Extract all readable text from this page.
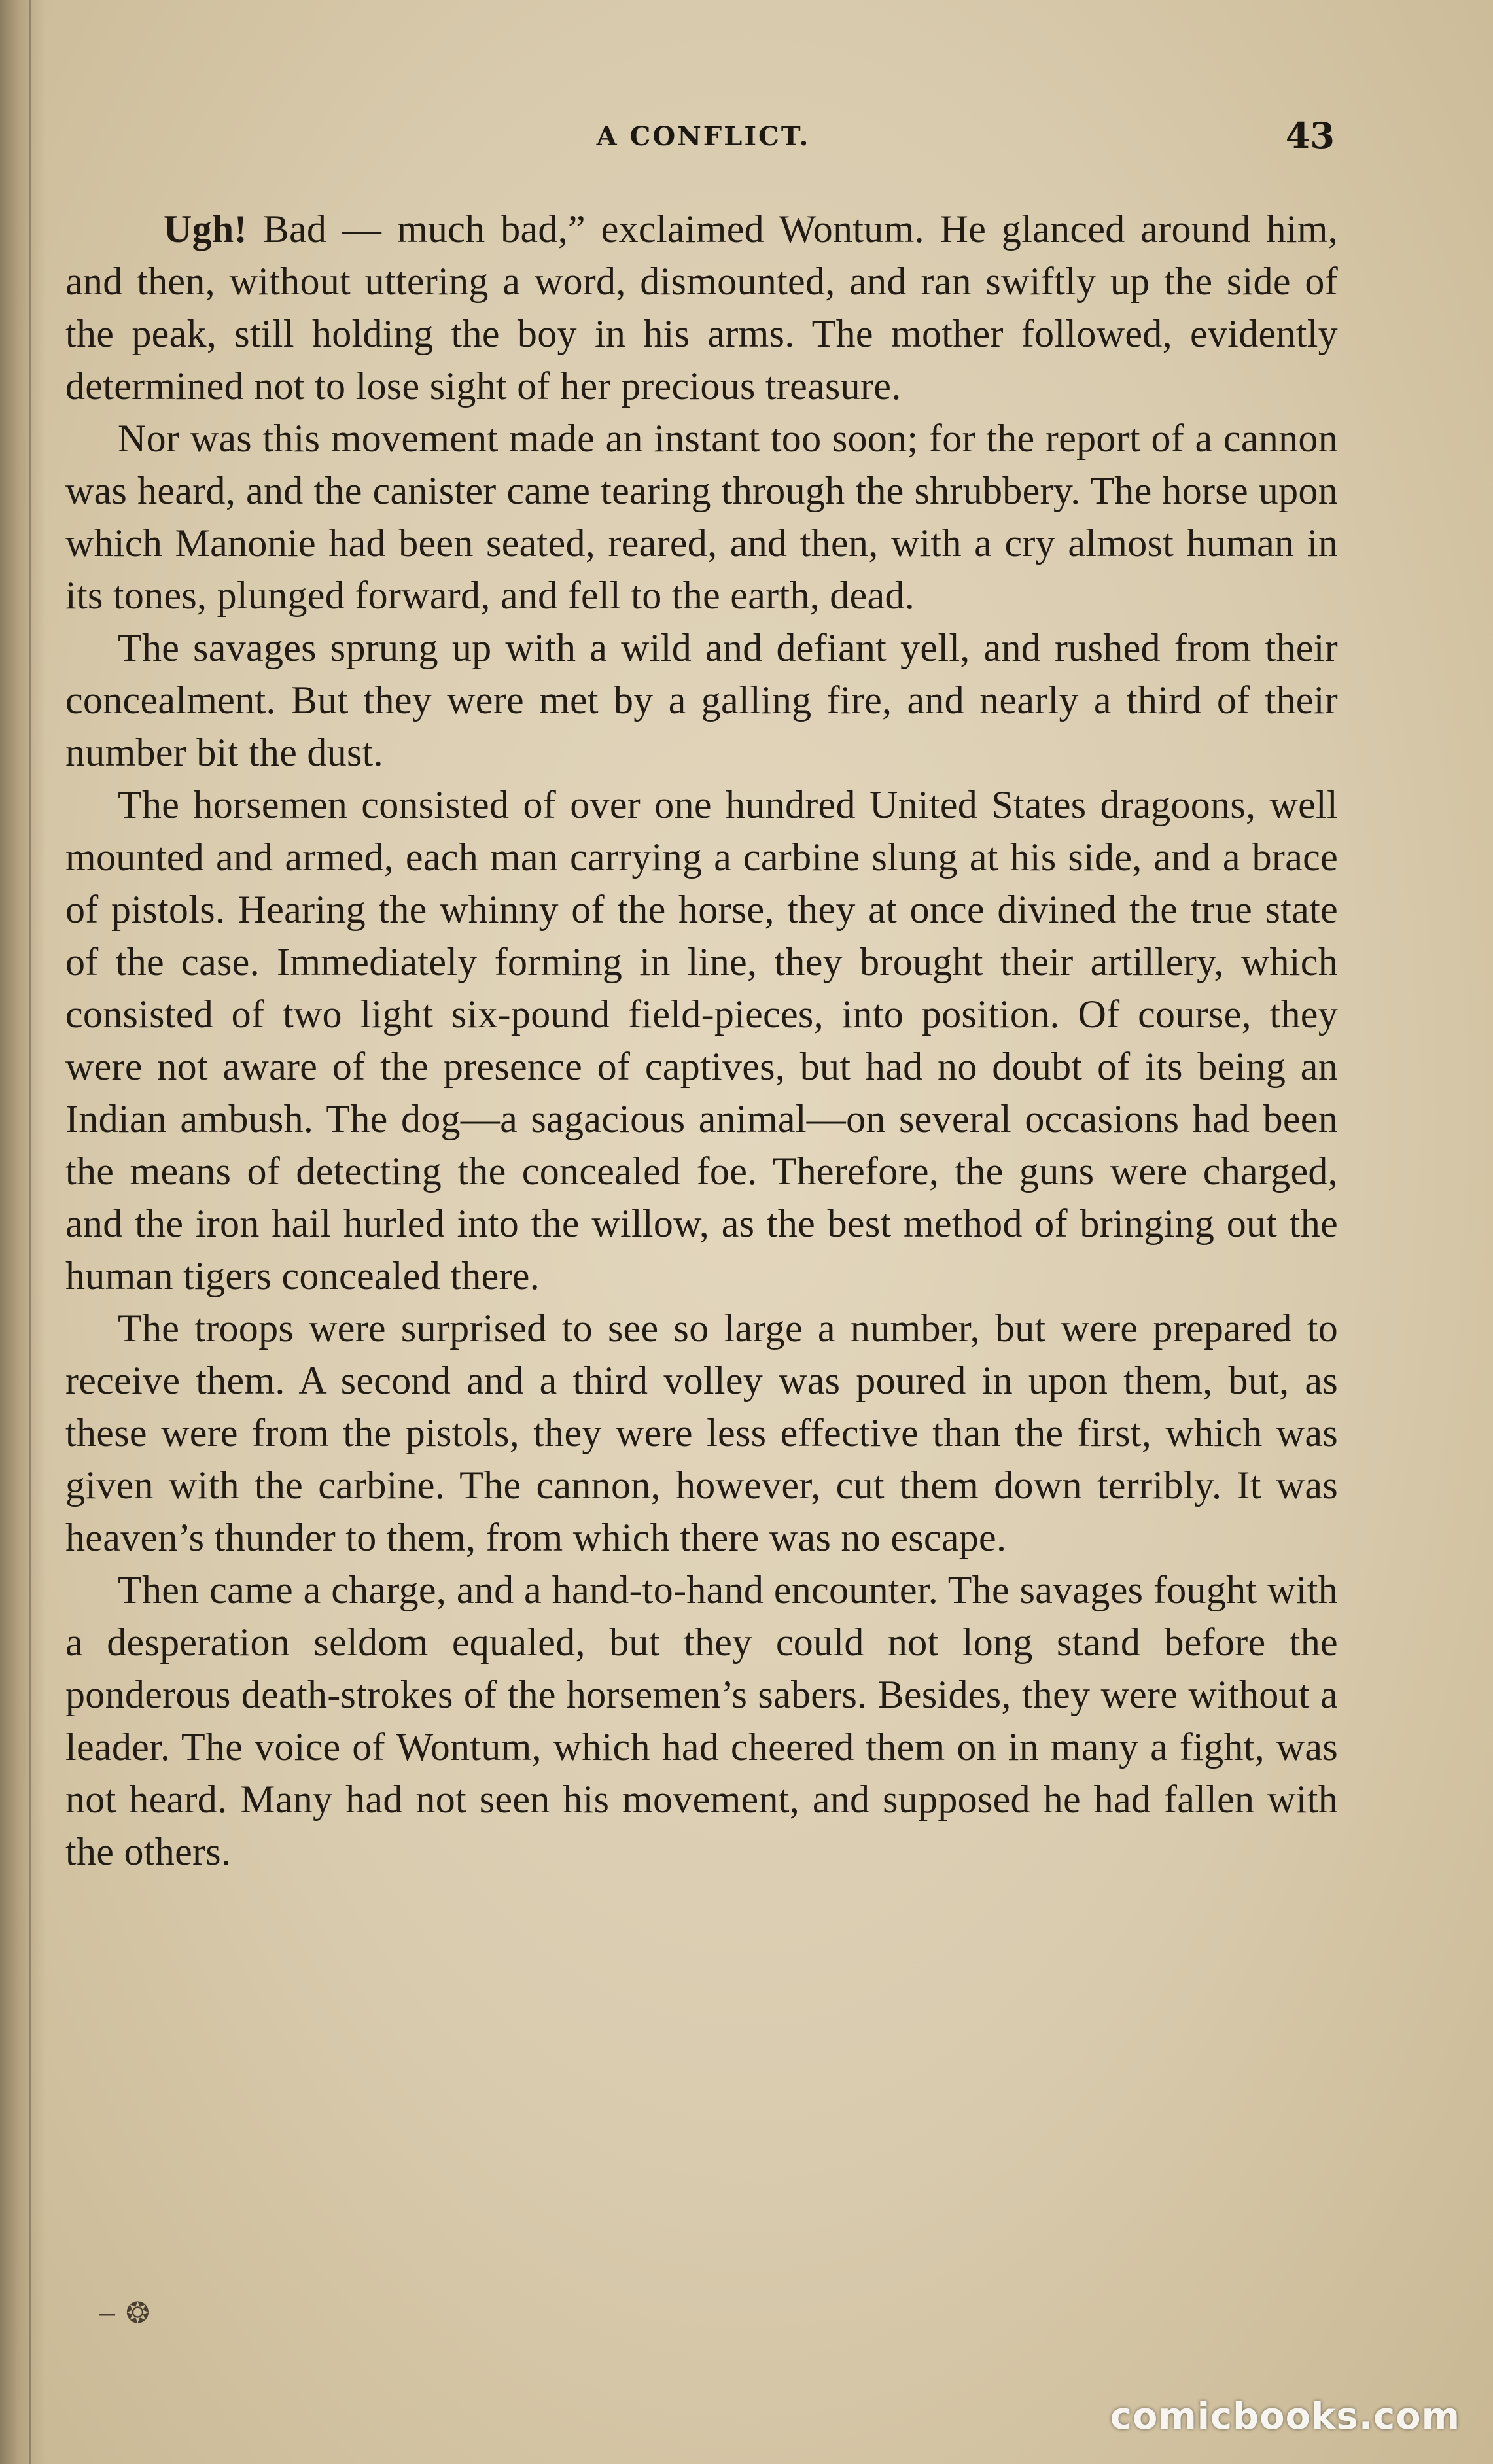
A CONFLICT.	43

Ugh! Bad — much bad,” exclaimed Wontum. He glanced around him, and then, without uttering a word, dismounted, and ran swiftly up the side of the peak, still holding the boy in his arms. The mother followed, evidently determined not to lose sight of her precious treasure.

Nor was this movement made an instant too soon; for the report of a cannon was heard, and the canister came tearing through the shrubbery. The horse upon which Manonie had been seated, reared, and then, with a cry almost human in its tones, plunged forward, and fell to the earth, dead.

The savages sprung up with a wild and defiant yell, and rushed from their concealment. But they were met by a galling fire, and nearly a third of their number bit the dust.

The horsemen consisted of over one hundred United States dragoons, well mounted and armed, each man carrying a carbine slung at his side, and a brace of pistols. Hearing the whinny of the horse, they at once divined the true state of the case. Immediately forming in line, they brought their artillery, which consisted of two light six-pound field-pieces, into position. Of course, they were not aware of the presence of captives, but had no doubt of its being an Indian ambush. The dog—a sagacious animal—on several occasions had been the means of detecting the concealed foe. Therefore, the guns were charged, and the iron hail hurled into the willow, as the best method of bringing out the human tigers concealed there.

The troops were surprised to see so large a number, but were prepared to receive them. A second and a third volley was poured in upon them, but, as these were from the pistols, they were less effective than the first, which was given with the carbine. The cannon, however, cut them down terribly. It was heaven’s thunder to them, from which there was no escape.

Then came a charge, and a hand-to-hand encounter. The savages fought with a desperation seldom equaled, but they could not long stand before the ponderous death-strokes of the horsemen’s sabers. Besides, they were without a leader. The voice of Wontum, which had cheered them on in many a fight, was not heard. Many had not seen his movement, and supposed he had fallen with the others.

‒ ❂
comicbooks.com
